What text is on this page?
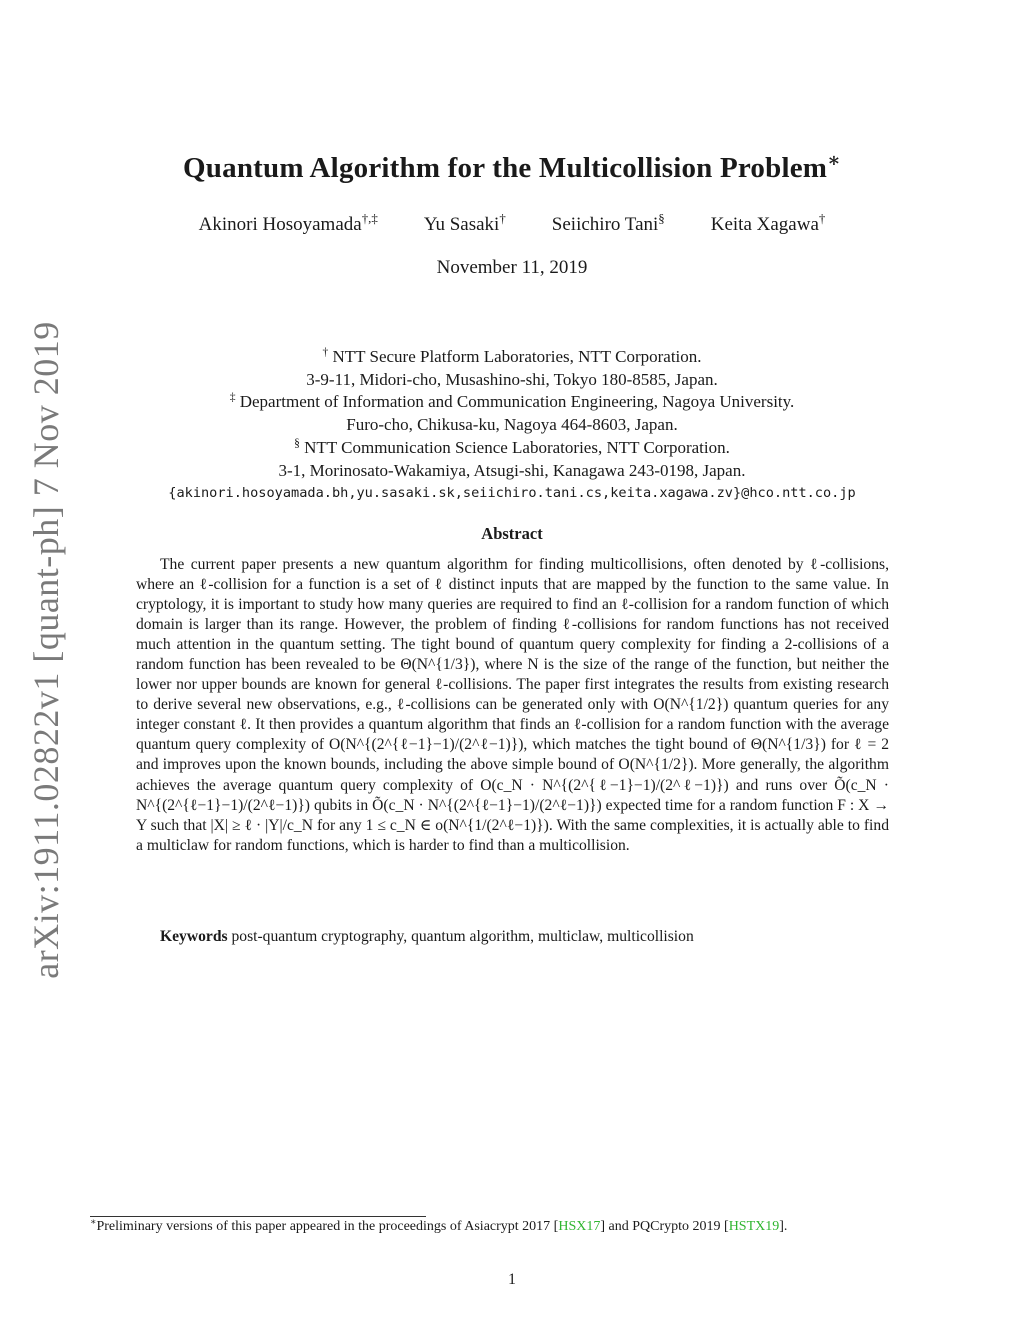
arXiv:1911.02822v1 [quant-ph] 7 Nov 2019
Quantum Algorithm for the Multicollision Problem∗
Akinori Hosoyamada†,‡ Yu Sasaki† Seiichiro Tani§ Keita Xagawa†
November 11, 2019
† NTT Secure Platform Laboratories, NTT Corporation.
3-9-11, Midori-cho, Musashino-shi, Tokyo 180-8585, Japan.
‡ Department of Information and Communication Engineering, Nagoya University.
Furo-cho, Chikusa-ku, Nagoya 464-8603, Japan.
§ NTT Communication Science Laboratories, NTT Corporation.
3-1, Morinosato-Wakamiya, Atsugi-shi, Kanagawa 243-0198, Japan.
{akinori.hosoyamada.bh,yu.sasaki.sk,seiichiro.tani.cs,keita.xagawa.zv}@hco.ntt.co.jp
Abstract
The current paper presents a new quantum algorithm for finding multicollisions, often denoted by ℓ-collisions, where an ℓ-collision for a function is a set of ℓ distinct inputs that are mapped by the function to the same value. In cryptology, it is important to study how many queries are required to find an ℓ-collision for a random function of which domain is larger than its range. However, the problem of finding ℓ-collisions for random functions has not received much attention in the quantum setting. The tight bound of quantum query complexity for finding a 2-collisions of a random function has been revealed to be Θ(N^{1/3}), where N is the size of the range of the function, but neither the lower nor upper bounds are known for general ℓ-collisions. The paper first integrates the results from existing research to derive several new observations, e.g., ℓ-collisions can be generated only with O(N^{1/2}) quantum queries for any integer constant ℓ. It then provides a quantum algorithm that finds an ℓ-collision for a random function with the average quantum query complexity of O(N^{(2^{ℓ−1}−1)/(2^ℓ−1)}), which matches the tight bound of Θ(N^{1/3}) for ℓ = 2 and improves upon the known bounds, including the above simple bound of O(N^{1/2}). More generally, the algorithm achieves the average quantum query complexity of O(c_N · N^{(2^{ℓ−1}−1)/(2^ℓ−1)}) and runs over Õ(c_N · N^{(2^{ℓ−1}−1)/(2^ℓ−1)}) qubits in Õ(c_N · N^{(2^{ℓ−1}−1)/(2^ℓ−1)}) expected time for a random function F : X → Y such that |X| ≥ ℓ · |Y|/c_N for any 1 ≤ c_N ∈ o(N^{1/(2^ℓ−1)}). With the same complexities, it is actually able to find a multiclaw for random functions, which is harder to find than a multicollision.
Keywords post-quantum cryptography, quantum algorithm, multiclaw, multicollision
∗Preliminary versions of this paper appeared in the proceedings of Asiacrypt 2017 [HSX17] and PQCrypto 2019 [HSTX19].
1
